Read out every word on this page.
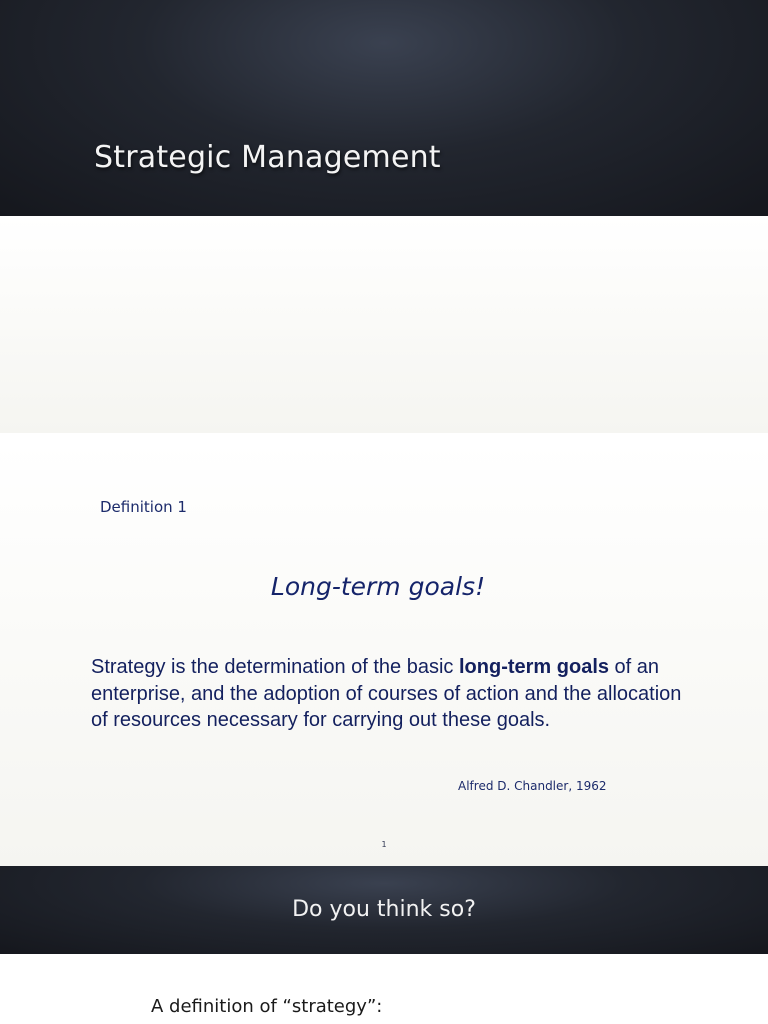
Strategic Management
Definition 1
Long-term goals!
Strategy is the determination of the basic long-term goals of an enterprise, and the adoption of courses of action and the allocation of resources necessary for carrying out these goals.
Alfred D. Chandler, 1962
1
Do you think so?
A definition of “strategy”:
